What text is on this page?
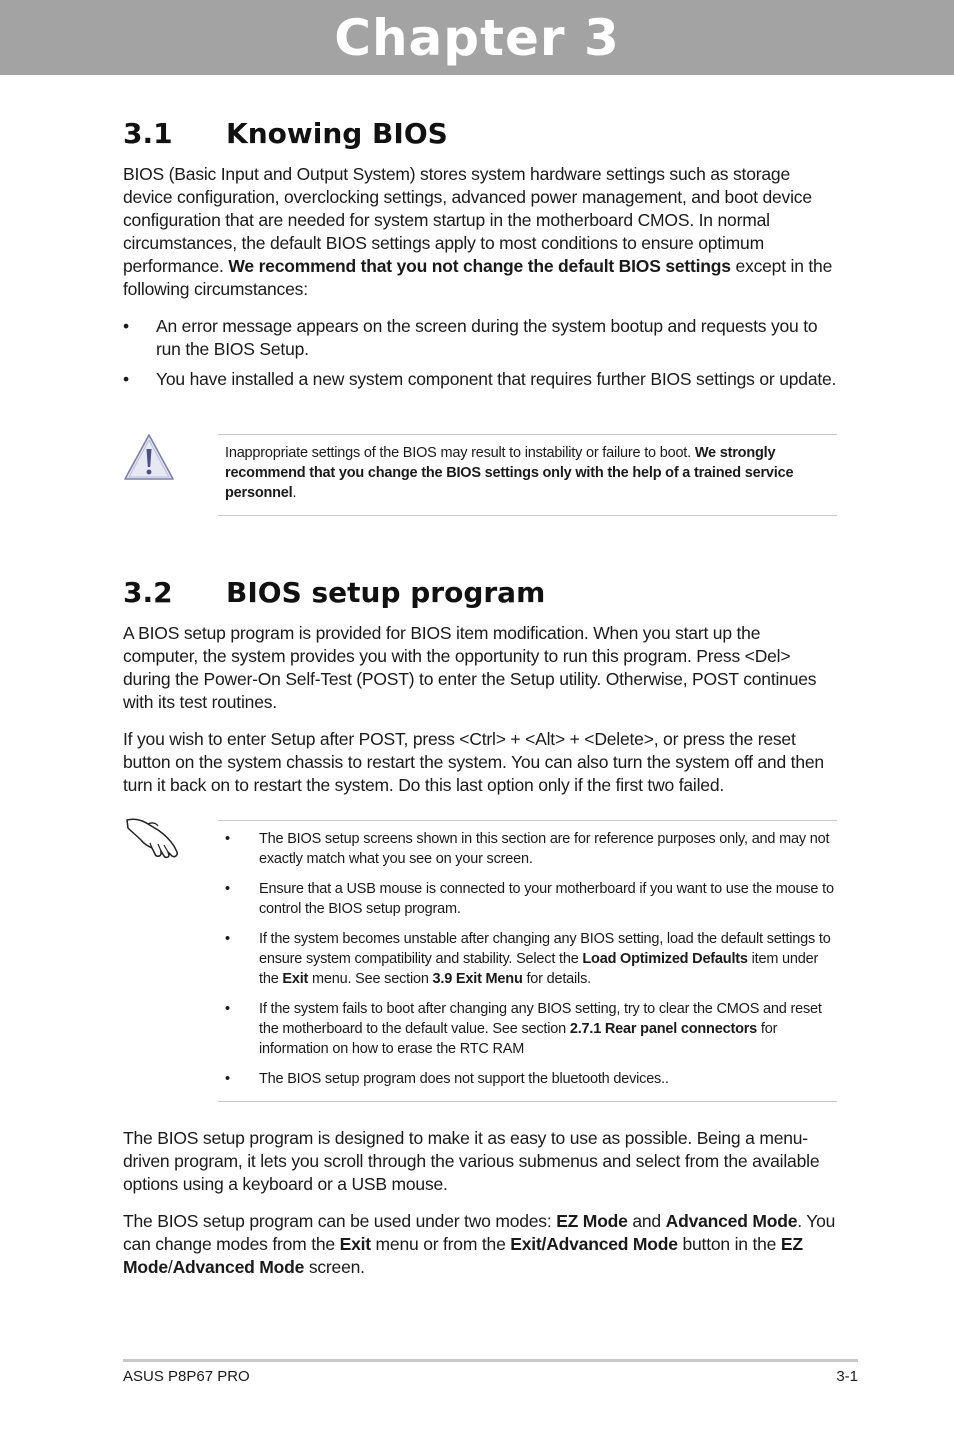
Chapter 3
3.1 Knowing BIOS

BIOS (Basic Input and Output System) stores system hardware settings such as storage device configuration, overclocking settings, advanced power management, and boot device configuration that are needed for system startup in the motherboard CMOS. In normal circumstances, the default BIOS settings apply to most conditions to ensure optimum performance. We recommend that you not change the default BIOS settings except in the following circumstances:

• An error message appears on the screen during the system bootup and requests you to run the BIOS Setup.
• You have installed a new system component that requires further BIOS settings or update.

Inappropriate settings of the BIOS may result to instability or failure to boot. We strongly recommend that you change the BIOS settings only with the help of a trained service personnel.

3.2 BIOS setup program

A BIOS setup program is provided for BIOS item modification. When you start up the computer, the system provides you with the opportunity to run this program. Press <Del> during the Power-On Self-Test (POST) to enter the Setup utility. Otherwise, POST continues with its test routines.

If you wish to enter Setup after POST, press <Ctrl> + <Alt> + <Delete>, or press the reset button on the system chassis to restart the system. You can also turn the system off and then turn it back on to restart the system. Do this last option only if the first two failed.

• The BIOS setup screens shown in this section are for reference purposes only, and may not exactly match what you see on your screen.
• Ensure that a USB mouse is connected to your motherboard if you want to use the mouse to control the BIOS setup program.
• If the system becomes unstable after changing any BIOS setting, load the default settings to ensure system compatibility and stability. Select the Load Optimized Defaults item under the Exit menu. See section 3.9 Exit Menu for details.
• If the system fails to boot after changing any BIOS setting, try to clear the CMOS and reset the motherboard to the default value. See section 2.7.1 Rear panel connectors for information on how to erase the RTC RAM
• The BIOS setup program does not support the bluetooth devices..

The BIOS setup program is designed to make it as easy to use as possible. Being a menu-driven program, it lets you scroll through the various submenus and select from the available options using a keyboard or a USB mouse.

The BIOS setup program can be used under two modes: EZ Mode and Advanced Mode. You can change modes from the Exit menu or from the Exit/Advanced Mode button in the EZ Mode/Advanced Mode screen.

ASUS P8P67 PRO	3-1
